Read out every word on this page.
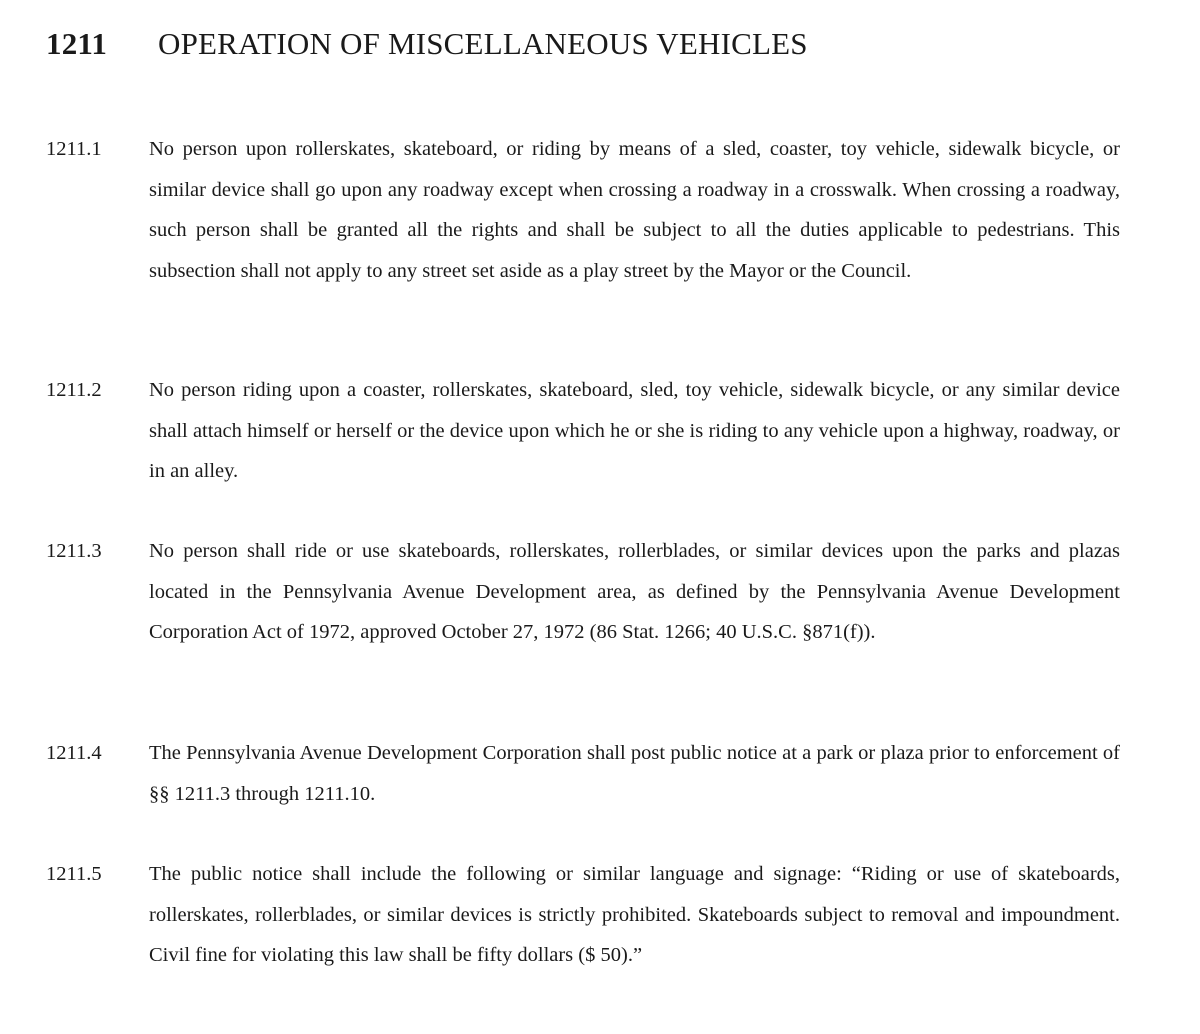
1211 OPERATION OF MISCELLANEOUS VEHICLES
1211.1 No person upon rollerskates, skateboard, or riding by means of a sled, coaster, toy vehicle, sidewalk bicycle, or similar device shall go upon any roadway except when crossing a roadway in a crosswalk. When crossing a roadway, such person shall be granted all the rights and shall be subject to all the duties applicable to pedestrians. This subsection shall not apply to any street set aside as a play street by the Mayor or the Council.

1211.2 No person riding upon a coaster, rollerskates, skateboard, sled, toy vehicle, sidewalk bicycle, or any similar device shall attach himself or herself or the device upon which he or she is riding to any vehicle upon a highway, roadway, or in an alley.

1211.3 No person shall ride or use skateboards, rollerskates, rollerblades, or similar devices upon the parks and plazas located in the Pennsylvania Avenue Development area, as defined by the Pennsylvania Avenue Development Corporation Act of 1972, approved October 27, 1972 (86 Stat. 1266; 40 U.S.C. §871(f)).

1211.4 The Pennsylvania Avenue Development Corporation shall post public notice at a park or plaza prior to enforcement of §§ 1211.3 through 1211.10.

1211.5 The public notice shall include the following or similar language and signage: “Riding or use of skateboards, rollerskates, rollerblades, or similar devices is strictly prohibited. Skateboards subject to removal and impoundment. Civil fine for violating this law shall be fifty dollars ($ 50).”
